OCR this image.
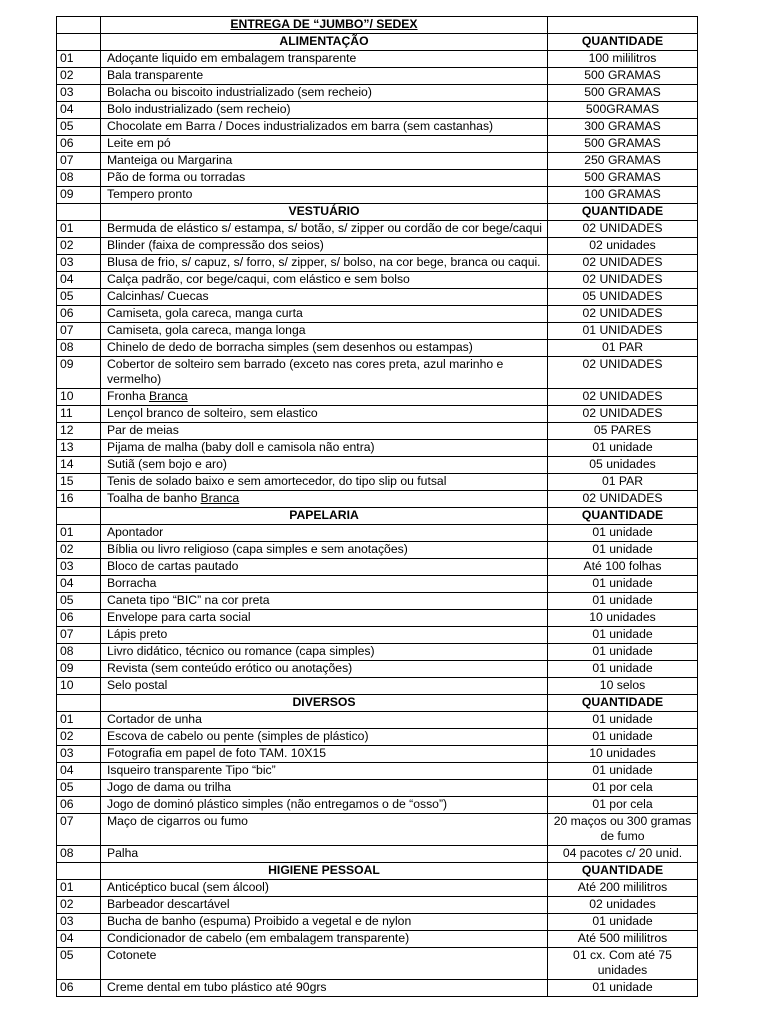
	ENTREGA DE “JUMBO”/ SEDEX	
	ALIMENTAÇÃO	QUANTIDADE
01	Adoçante liquido em embalagem transparente	100 mililitros
02	Bala transparente	500 GRAMAS
03	Bolacha ou biscoito industrializado (sem recheio)	500 GRAMAS
04	Bolo industrializado (sem recheio)	500GRAMAS
05	Chocolate em Barra / Doces industrializados em barra (sem castanhas)	300 GRAMAS
06	Leite em pó	500 GRAMAS
07	Manteiga ou Margarina	250 GRAMAS
08	Pão de forma ou torradas	500 GRAMAS
09	Tempero pronto	100 GRAMAS
	VESTUÁRIO	QUANTIDADE
01	Bermuda de elástico s/ estampa, s/ botão, s/ zipper ou cordão de cor bege/caqui	02 UNIDADES
02	Blinder (faixa de compressão dos seios)	02 unidades
03	Blusa de frio, s/ capuz, s/ forro, s/ zipper, s/ bolso, na cor bege, branca ou caqui.	02 UNIDADES
04	Calça padrão, cor bege/caqui, com elástico e sem bolso	02 UNIDADES
05	Calcinhas/ Cuecas	05 UNIDADES
06	Camiseta, gola careca, manga curta	02 UNIDADES
07	Camiseta, gola careca, manga longa	01 UNIDADES
08	Chinelo de dedo de borracha simples (sem desenhos ou estampas)	01 PAR
09	Cobertor de solteiro sem barrado (exceto nas cores preta, azul marinho e vermelho)	02 UNIDADES
10	Fronha Branca	02 UNIDADES
11	Lençol branco de solteiro, sem elastico	02 UNIDADES
12	Par de meias	05 PARES
13	Pijama de malha (baby doll e camisola não entra)	01 unidade
14	Sutiã (sem bojo e aro)	05 unidades
15	Tenis de solado baixo e sem amortecedor, do tipo slip ou futsal	01 PAR
16	Toalha de banho Branca	02 UNIDADES
	PAPELARIA	QUANTIDADE
01	Apontador	01 unidade
02	Bíblia ou livro religioso (capa simples e sem anotações)	01 unidade
03	Bloco de cartas pautado	Até 100 folhas
04	Borracha	01 unidade
05	Caneta tipo “BIC” na cor preta	01 unidade
06	Envelope para carta social	10 unidades
07	Lápis preto	01 unidade
08	Livro didático, técnico ou romance (capa simples)	01 unidade
09	Revista (sem conteúdo erótico ou anotações)	01 unidade
10	Selo postal	10 selos
	DIVERSOS	QUANTIDADE
01	Cortador de unha	01 unidade
02	Escova de cabelo ou pente (simples de plástico)	01 unidade
03	Fotografia em papel de foto TAM. 10X15	10 unidades
04	Isqueiro transparente Tipo “bic”	01 unidade
05	Jogo de dama ou trilha	01 por cela
06	Jogo de dominó plástico simples (não entregamos o de “osso”)	01 por cela
07	Maço de cigarros ou fumo	20 maços ou 300 gramas de fumo
08	Palha	04 pacotes c/ 20 unid.
	HIGIENE PESSOAL	QUANTIDADE
01	Anticéptico bucal (sem álcool)	Até 200 mililitros
02	Barbeador descartável	02 unidades
03	Bucha de banho (espuma) Proibido a vegetal e de nylon	01 unidade
04	Condicionador de cabelo (em embalagem transparente)	Até 500 mililitros
05	Cotonete	01 cx. Com até 75 unidades
06	Creme dental em tubo plástico até 90grs	01 unidade
